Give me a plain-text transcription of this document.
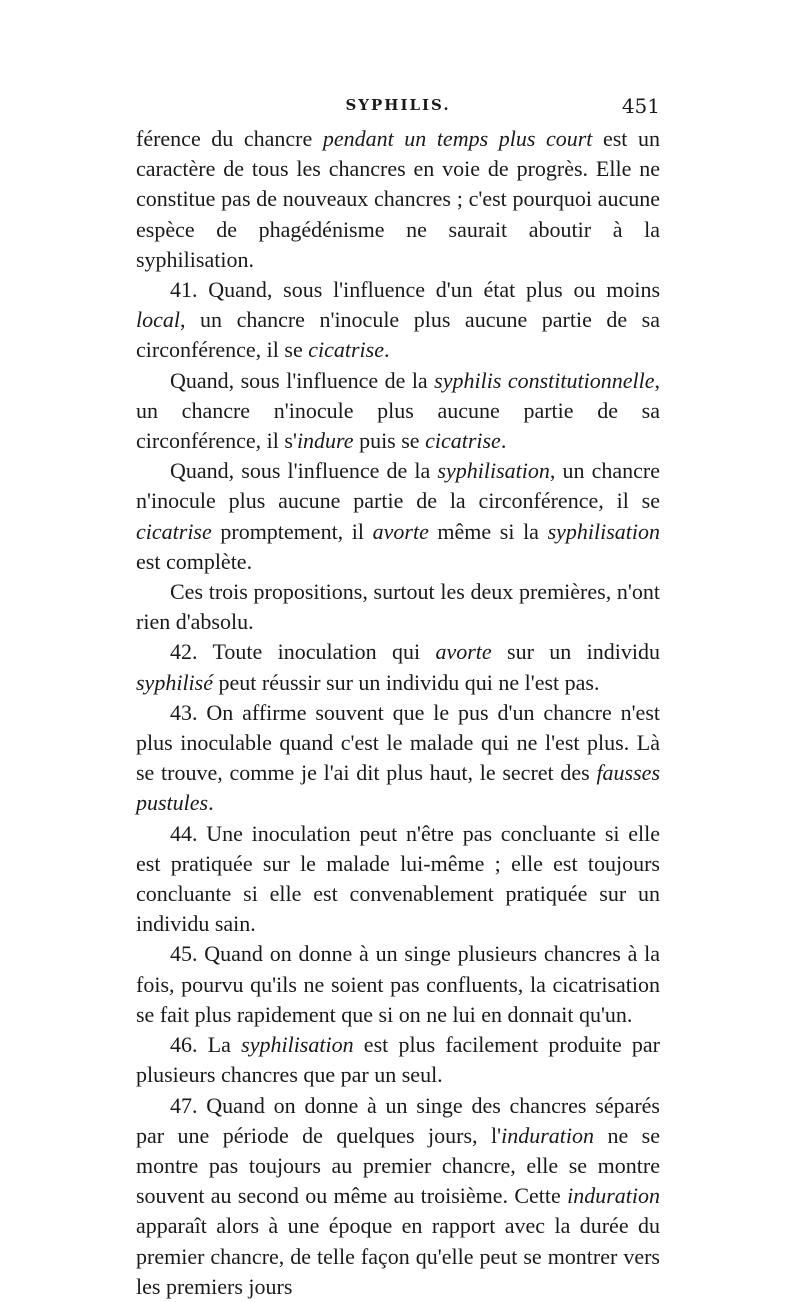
SYPHILIS.	451

férence du chancre pendant un temps plus court est un caractère de tous les chancres en voie de progrès. Elle ne constitue pas de nouveaux chancres ; c'est pourquoi aucune espèce de phagédénisme ne saurait aboutir à la syphilisation.

41. Quand, sous l'influence d'un état plus ou moins local, un chancre n'inocule plus aucune partie de sa circonférence, il se cicatrise.

Quand, sous l'influence de la syphilis constitutionnelle, un chancre n'inocule plus aucune partie de sa circonférence, il s'indure puis se cicatrise.

Quand, sous l'influence de la syphilisation, un chancre n'inocule plus aucune partie de la circonférence, il se cicatrise promptement, il avorte même si la syphilisation est complète.

Ces trois propositions, surtout les deux premières, n'ont rien d'absolu.

42. Toute inoculation qui avorte sur un individu syphilisé peut réussir sur un individu qui ne l'est pas.

43. On affirme souvent que le pus d'un chancre n'est plus inoculable quand c'est le malade qui ne l'est plus. Là se trouve, comme je l'ai dit plus haut, le secret des fausses pustules.

44. Une inoculation peut n'être pas concluante si elle est pratiquée sur le malade lui-même ; elle est toujours concluante si elle est convenablement pratiquée sur un individu sain.

45. Quand on donne à un singe plusieurs chancres à la fois, pourvu qu'ils ne soient pas confluents, la cicatrisation se fait plus rapidement que si on ne lui en donnait qu'un.

46. La syphilisation est plus facilement produite par plusieurs chancres que par un seul.

47. Quand on donne à un singe des chancres séparés par une période de quelques jours, l'induration ne se montre pas toujours au premier chancre, elle se montre souvent au second ou même au troisième. Cette induration apparaît alors à une époque en rapport avec la durée du premier chancre, de telle façon qu'elle peut se montrer vers les premiers jours
